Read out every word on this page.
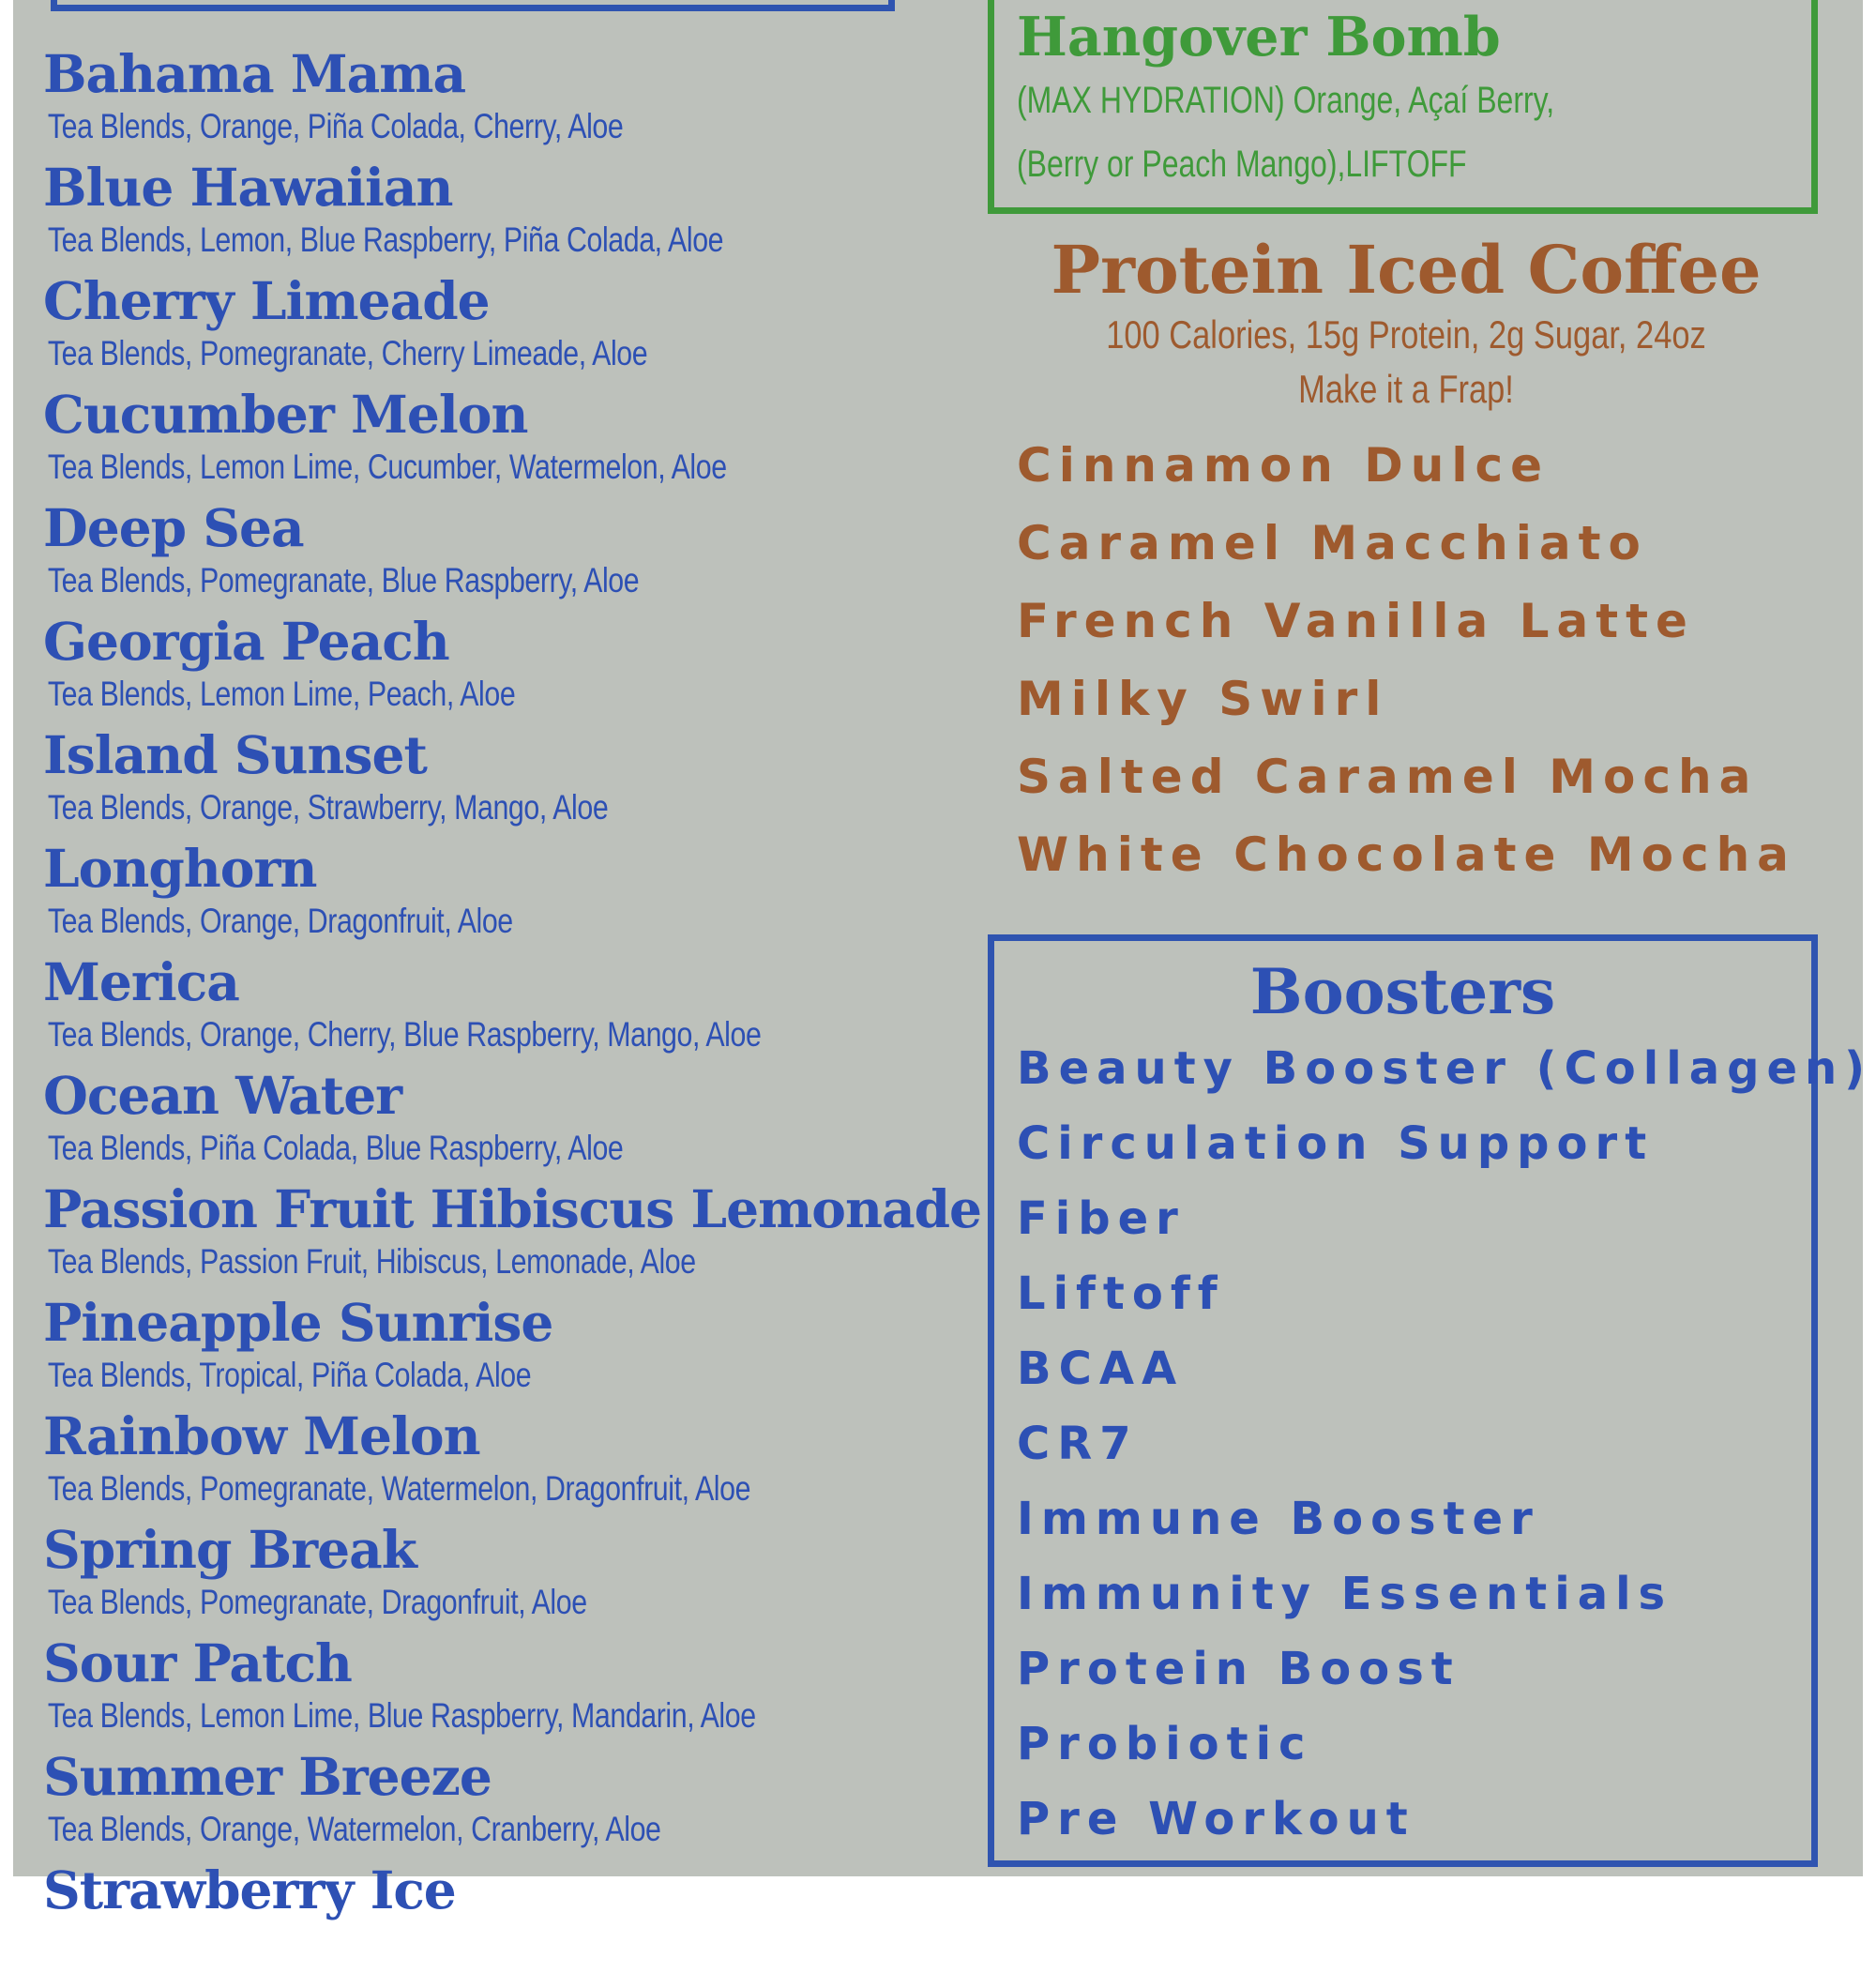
Bahama Mama
Tea Blends, Orange, Piña Colada, Cherry, Aloe
Blue Hawaiian
Tea Blends, Lemon, Blue Raspberry, Piña Colada, Aloe
Cherry Limeade
Tea Blends, Pomegranate, Cherry Limeade, Aloe
Cucumber Melon
Tea Blends, Lemon Lime, Cucumber, Watermelon, Aloe
Deep Sea
Tea Blends, Pomegranate, Blue Raspberry, Aloe
Georgia Peach
Tea Blends, Lemon Lime, Peach, Aloe
Island Sunset
Tea Blends, Orange, Strawberry, Mango, Aloe
Longhorn
Tea Blends, Orange, Dragonfruit, Aloe
Merica
Tea Blends, Orange, Cherry, Blue Raspberry, Mango, Aloe
Ocean Water
Tea Blends, Piña Colada, Blue Raspberry, Aloe
Passion Fruit Hibiscus Lemonade
Tea Blends, Passion Fruit, Hibiscus, Lemonade, Aloe
Pineapple Sunrise
Tea Blends, Tropical, Piña Colada, Aloe
Rainbow Melon
Tea Blends, Pomegranate, Watermelon, Dragonfruit, Aloe
Spring Break
Tea Blends, Pomegranate, Dragonfruit, Aloe
Sour Patch
Tea Blends, Lemon Lime, Blue Raspberry, Mandarin, Aloe
Summer Breeze
Tea Blends, Orange, Watermelon, Cranberry, Aloe
Strawberry Ice
Hangover Bomb
(MAX HYDRATION) Orange, Açaí Berry,
(Berry or Peach Mango),LIFTOFF
Protein Iced Coffee
100 Calories, 15g Protein, 2g Sugar, 24oz
Make it a Frap!
Cinnamon Dulce
Caramel Macchiato
French Vanilla Latte
Milky Swirl
Salted Caramel Mocha
White Chocolate Mocha
Boosters
Beauty Booster (Collagen)
Circulation Support
Fiber
Liftoff
BCAA
CR7
Immune Booster
Immunity Essentials
Protein Boost
Probiotic
Pre Workout
